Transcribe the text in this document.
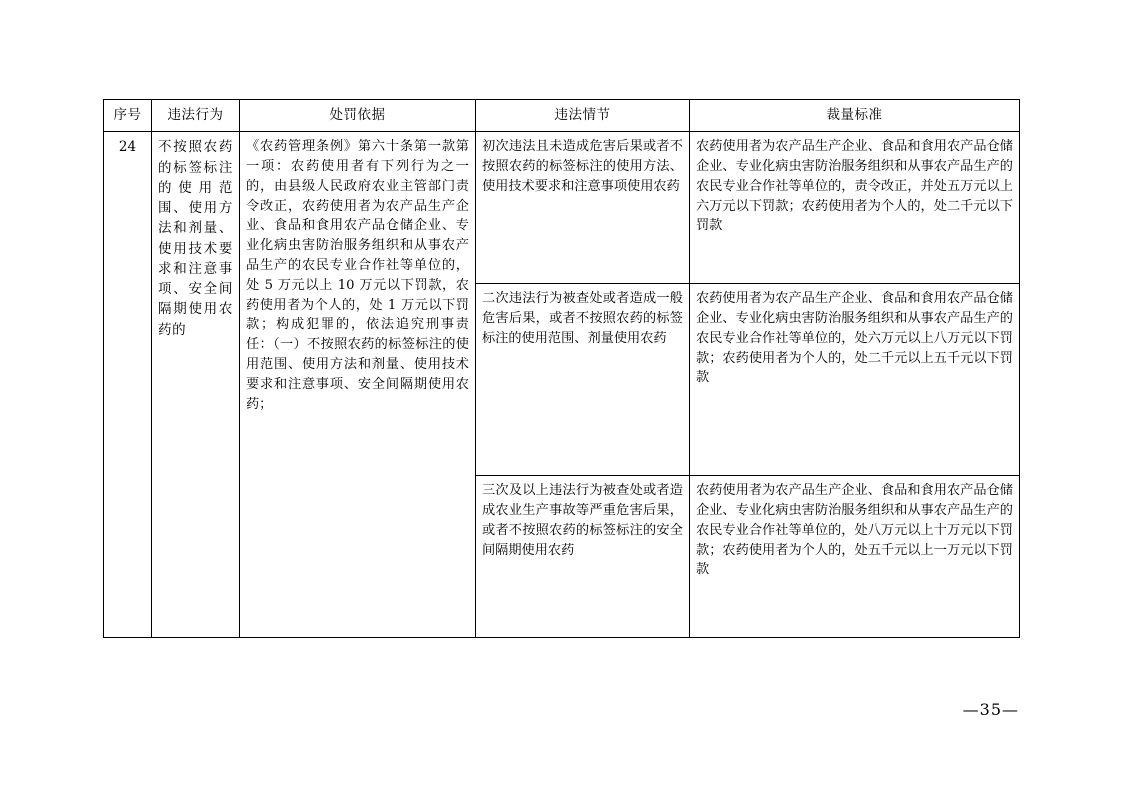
序号	违法行为	处罚依据	违法情节	裁量标准
24	不按照农药的标签标注的使用范围、使用方法和剂量、使用技术要求和注意事项、安全间隔期使用农药的	《农药管理条例》第六十条第一款第一项：农药使用者有下列行为之一的，由县级人民政府农业主管部门责令改正，农药使用者为农产品生产企业、食品和食用农产品仓储企业、专业化病虫害防治服务组织和从事农产品生产的农民专业合作社等单位的，处 5 万元以上 10 万元以下罚款，农药使用者为个人的，处 1 万元以下罚款；构成犯罪的，依法追究刑事责任：（一）不按照农药的标签标注的使用范围、使用方法和剂量、使用技术要求和注意事项、安全间隔期使用农药；	初次违法且未造成危害后果或者不按照农药的标签标注的使用方法、使用技术要求和注意事项使用农药	农药使用者为农产品生产企业、食品和食用农产品仓储企业、专业化病虫害防治服务组织和从事农产品生产的农民专业合作社等单位的，责令改正，并处五万元以上六万元以下罚款；农药使用者为个人的，处二千元以下罚款
			二次违法行为被查处或者造成一般危害后果，或者不按照农药的标签标注的使用范围、剂量使用农药	农药使用者为农产品生产企业、食品和食用农产品仓储企业、专业化病虫害防治服务组织和从事农产品生产的农民专业合作社等单位的，处六万元以上八万元以下罚款；农药使用者为个人的，处二千元以上五千元以下罚款
			三次及以上违法行为被查处或者造成农业生产事故等严重危害后果，或者不按照农药的标签标注的安全间隔期使用农药	农药使用者为农产品生产企业、食品和食用农产品仓储企业、专业化病虫害防治服务组织和从事农产品生产的农民专业合作社等单位的，处八万元以上十万元以下罚款；农药使用者为个人的，处五千元以上一万元以下罚款
—35—
